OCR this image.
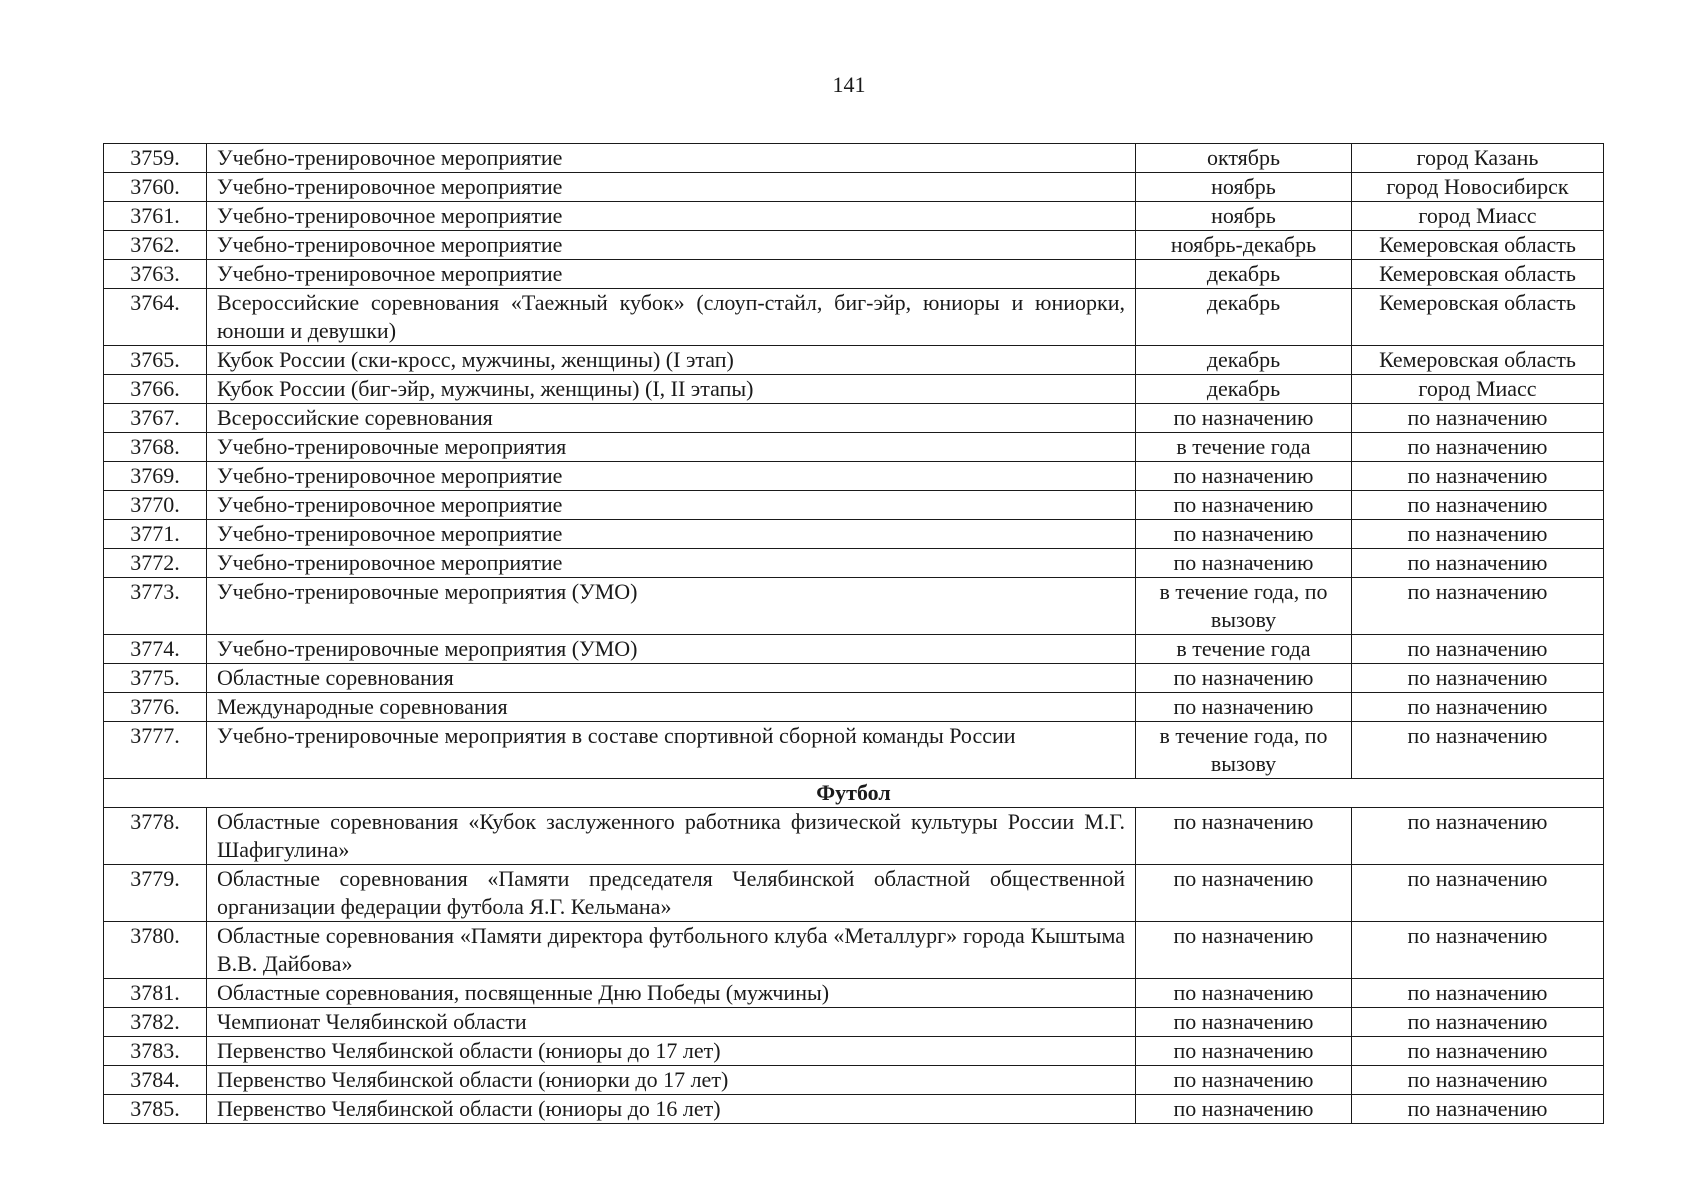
141
3759.	Учебно-тренировочное мероприятие	октябрь	город Казань
3760.	Учебно-тренировочное мероприятие	ноябрь	город Новосибирск
3761.	Учебно-тренировочное мероприятие	ноябрь	город Миасс
3762.	Учебно-тренировочное мероприятие	ноябрь-декабрь	Кемеровская область
3763.	Учебно-тренировочное мероприятие	декабрь	Кемеровская область
3764.	Всероссийские соревнования «Таежный кубок» (слоуп-стайл, биг-эйр, юниоры и юниорки, юноши и девушки)	декабрь	Кемеровская область
3765.	Кубок России (ски-кросс, мужчины, женщины) (I этап)	декабрь	Кемеровская область
3766.	Кубок России (биг-эйр, мужчины, женщины) (I, II этапы)	декабрь	город Миасс
3767.	Всероссийские соревнования	по назначению	по назначению
3768.	Учебно-тренировочные мероприятия	в течение года	по назначению
3769.	Учебно-тренировочное мероприятие	по назначению	по назначению
3770.	Учебно-тренировочное мероприятие	по назначению	по назначению
3771.	Учебно-тренировочное мероприятие	по назначению	по назначению
3772.	Учебно-тренировочное мероприятие	по назначению	по назначению
3773.	Учебно-тренировочные мероприятия (УМО)	в течение года, по вызову	по назначению
3774.	Учебно-тренировочные мероприятия (УМО)	в течение года	по назначению
3775.	Областные соревнования	по назначению	по назначению
3776.	Международные соревнования	по назначению	по назначению
3777.	Учебно-тренировочные мероприятия в составе спортивной сборной команды России	в течение года, по вызову	по назначению
Футбол			
3778.	Областные соревнования «Кубок заслуженного работника физической культуры России М.Г. Шафигулина»	по назначению	по назначению
3779.	Областные соревнования «Памяти председателя Челябинской областной общественной организации федерации футбола Я.Г. Кельмана»	по назначению	по назначению
3780.	Областные соревнования «Памяти директора футбольного клуба «Металлург» города Кыштыма В.В. Дайбова»	по назначению	по назначению
3781.	Областные соревнования, посвященные Дню Победы (мужчины)	по назначению	по назначению
3782.	Чемпионат Челябинской области	по назначению	по назначению
3783.	Первенство Челябинской области (юниоры до 17 лет)	по назначению	по назначению
3784.	Первенство Челябинской области (юниорки до 17 лет)	по назначению	по назначению
3785.	Первенство Челябинской области (юниоры до 16 лет)	по назначению	по назначению
